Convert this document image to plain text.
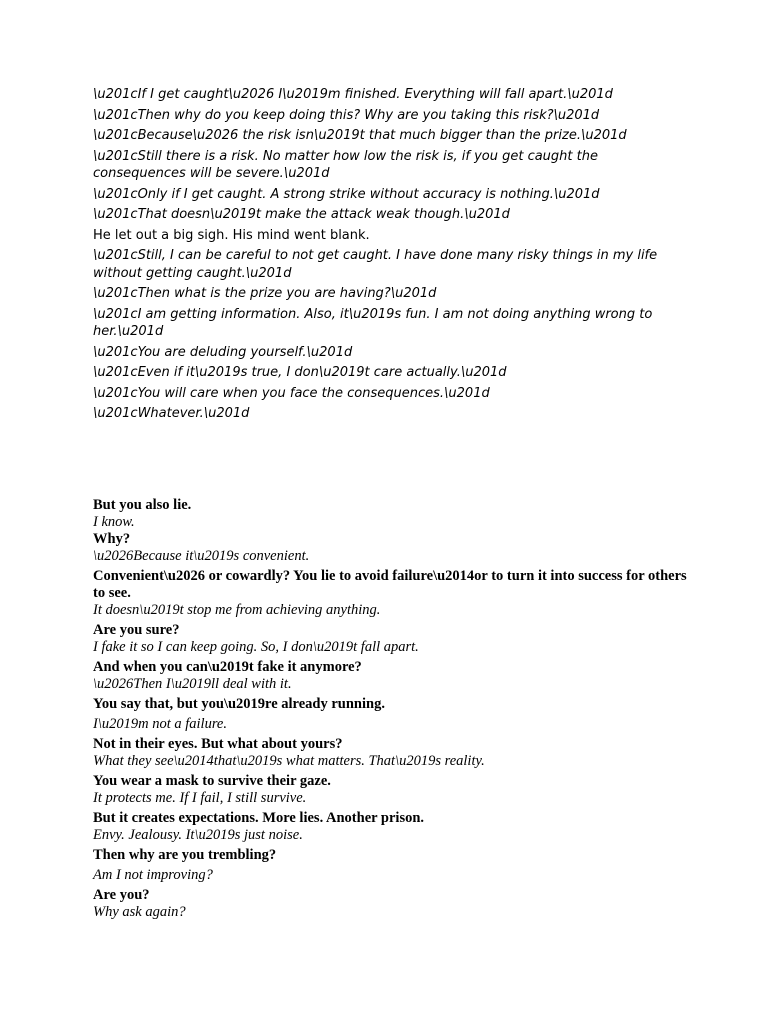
\u201cIf I get caught\u2026 I\u2019m finished. Everything will fall apart.\u201d

\u201cThen why do you keep doing this? Why are you taking this risk?\u201d

\u201cBecause\u2026 the risk isn\u2019t that much bigger than the prize.\u201d

\u201cStill there is a risk. No matter how low the risk is, if you get caught the consequences will be severe.\u201d

\u201cOnly if I get caught. A strong strike without accuracy is nothing.\u201d

\u201cThat doesn\u2019t make the attack weak though.\u201d

He let out a big sigh. His mind went blank.

\u201cStill, I can be careful to not get caught. I have done many risky things in my life without getting caught.\u201d

\u201cThen what is the prize you are having?\u201d

\u201cI am getting information. Also, it\u2019s fun. I am not doing anything wrong to her.\u201d

\u201cYou are deluding yourself.\u201d

\u201cEven if it\u2019s true, I don\u2019t care actually.\u201d

\u201cYou will care when you face the consequences.\u201d

\u201cWhatever.\u201d

But you also lie.

I know.

Why?

\u2026Because it\u2019s convenient.

Convenient\u2026 or cowardly? You lie to avoid failure\u2014or to turn it into success for others to see.

It doesn\u2019t stop me from achieving anything.

Are you sure?

I fake it so I can keep going. So, I don\u2019t fall apart.

And when you can\u2019t fake it anymore?

\u2026Then I\u2019ll deal with it.

You say that, but you\u2019re already running.

I\u2019m not a failure.

Not in their eyes. But what about yours?

What they see\u2014that\u2019s what matters. That\u2019s reality.

You wear a mask to survive their gaze.

It protects me. If I fail, I still survive.

But it creates expectations. More lies. Another prison.

Envy. Jealousy. It\u2019s just noise.

Then why are you trembling?

Am I not improving?

Are you?

Why ask again?
